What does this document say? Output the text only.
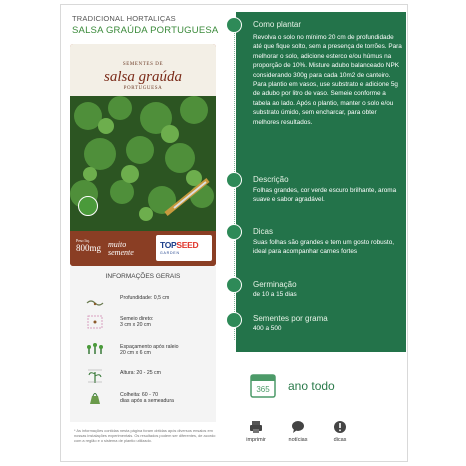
TRADICIONAL HORTALIÇAS
SALSA GRAÚDA PORTUGUESA
SEMENTES DE
salsa graúda
PORTUGUESA
Peso liq.
800mg muito
semente
TOPSEED
GARDEN
INFORMAÇÕES GERAIS
Profundidade: 0,5 cm
Semeio direto:
3 cm x 20 cm
Espaçamento após raleio
20 cm x 6 cm
Altura: 20 - 25 cm
Colheita: 60 - 70
dias após a semeadura
* As informações contidas nesta página foram obtidas após diversos ensaios em nossas instalações experimentais. Os resultados podem ser diferentes, de acordo com a região e o sistema de plantio utilizado.
Como plantar
Revolva o solo no mínimo 20 cm de profundidade até que fique solto, sem a presença de torrões. Para melhorar o solo, adicione esterco e/ou húmus na proporção de 10%. Misture adubo balanceado NPK considerando 300g para cada 10m2 de canteiro. Para plantio em vasos, use substrato e adicione 5g de adubo por litro de vaso. Semeie conforme a tabela ao lado. Após o plantio, manter o solo e/ou substrato úmido, sem encharcar, para obter melhores resultados.
Descrição
Folhas grandes, cor verde escuro brilhante, aroma suave e sabor agradável.
Dicas
Suas folhas são grandes e tem um gosto robusto, ideal para acompanhar carnes fortes
Germinação
de 10 a 15 dias
Sementes por grama
400 a 500
365 ano todo
imprimir	notícias	dicas
